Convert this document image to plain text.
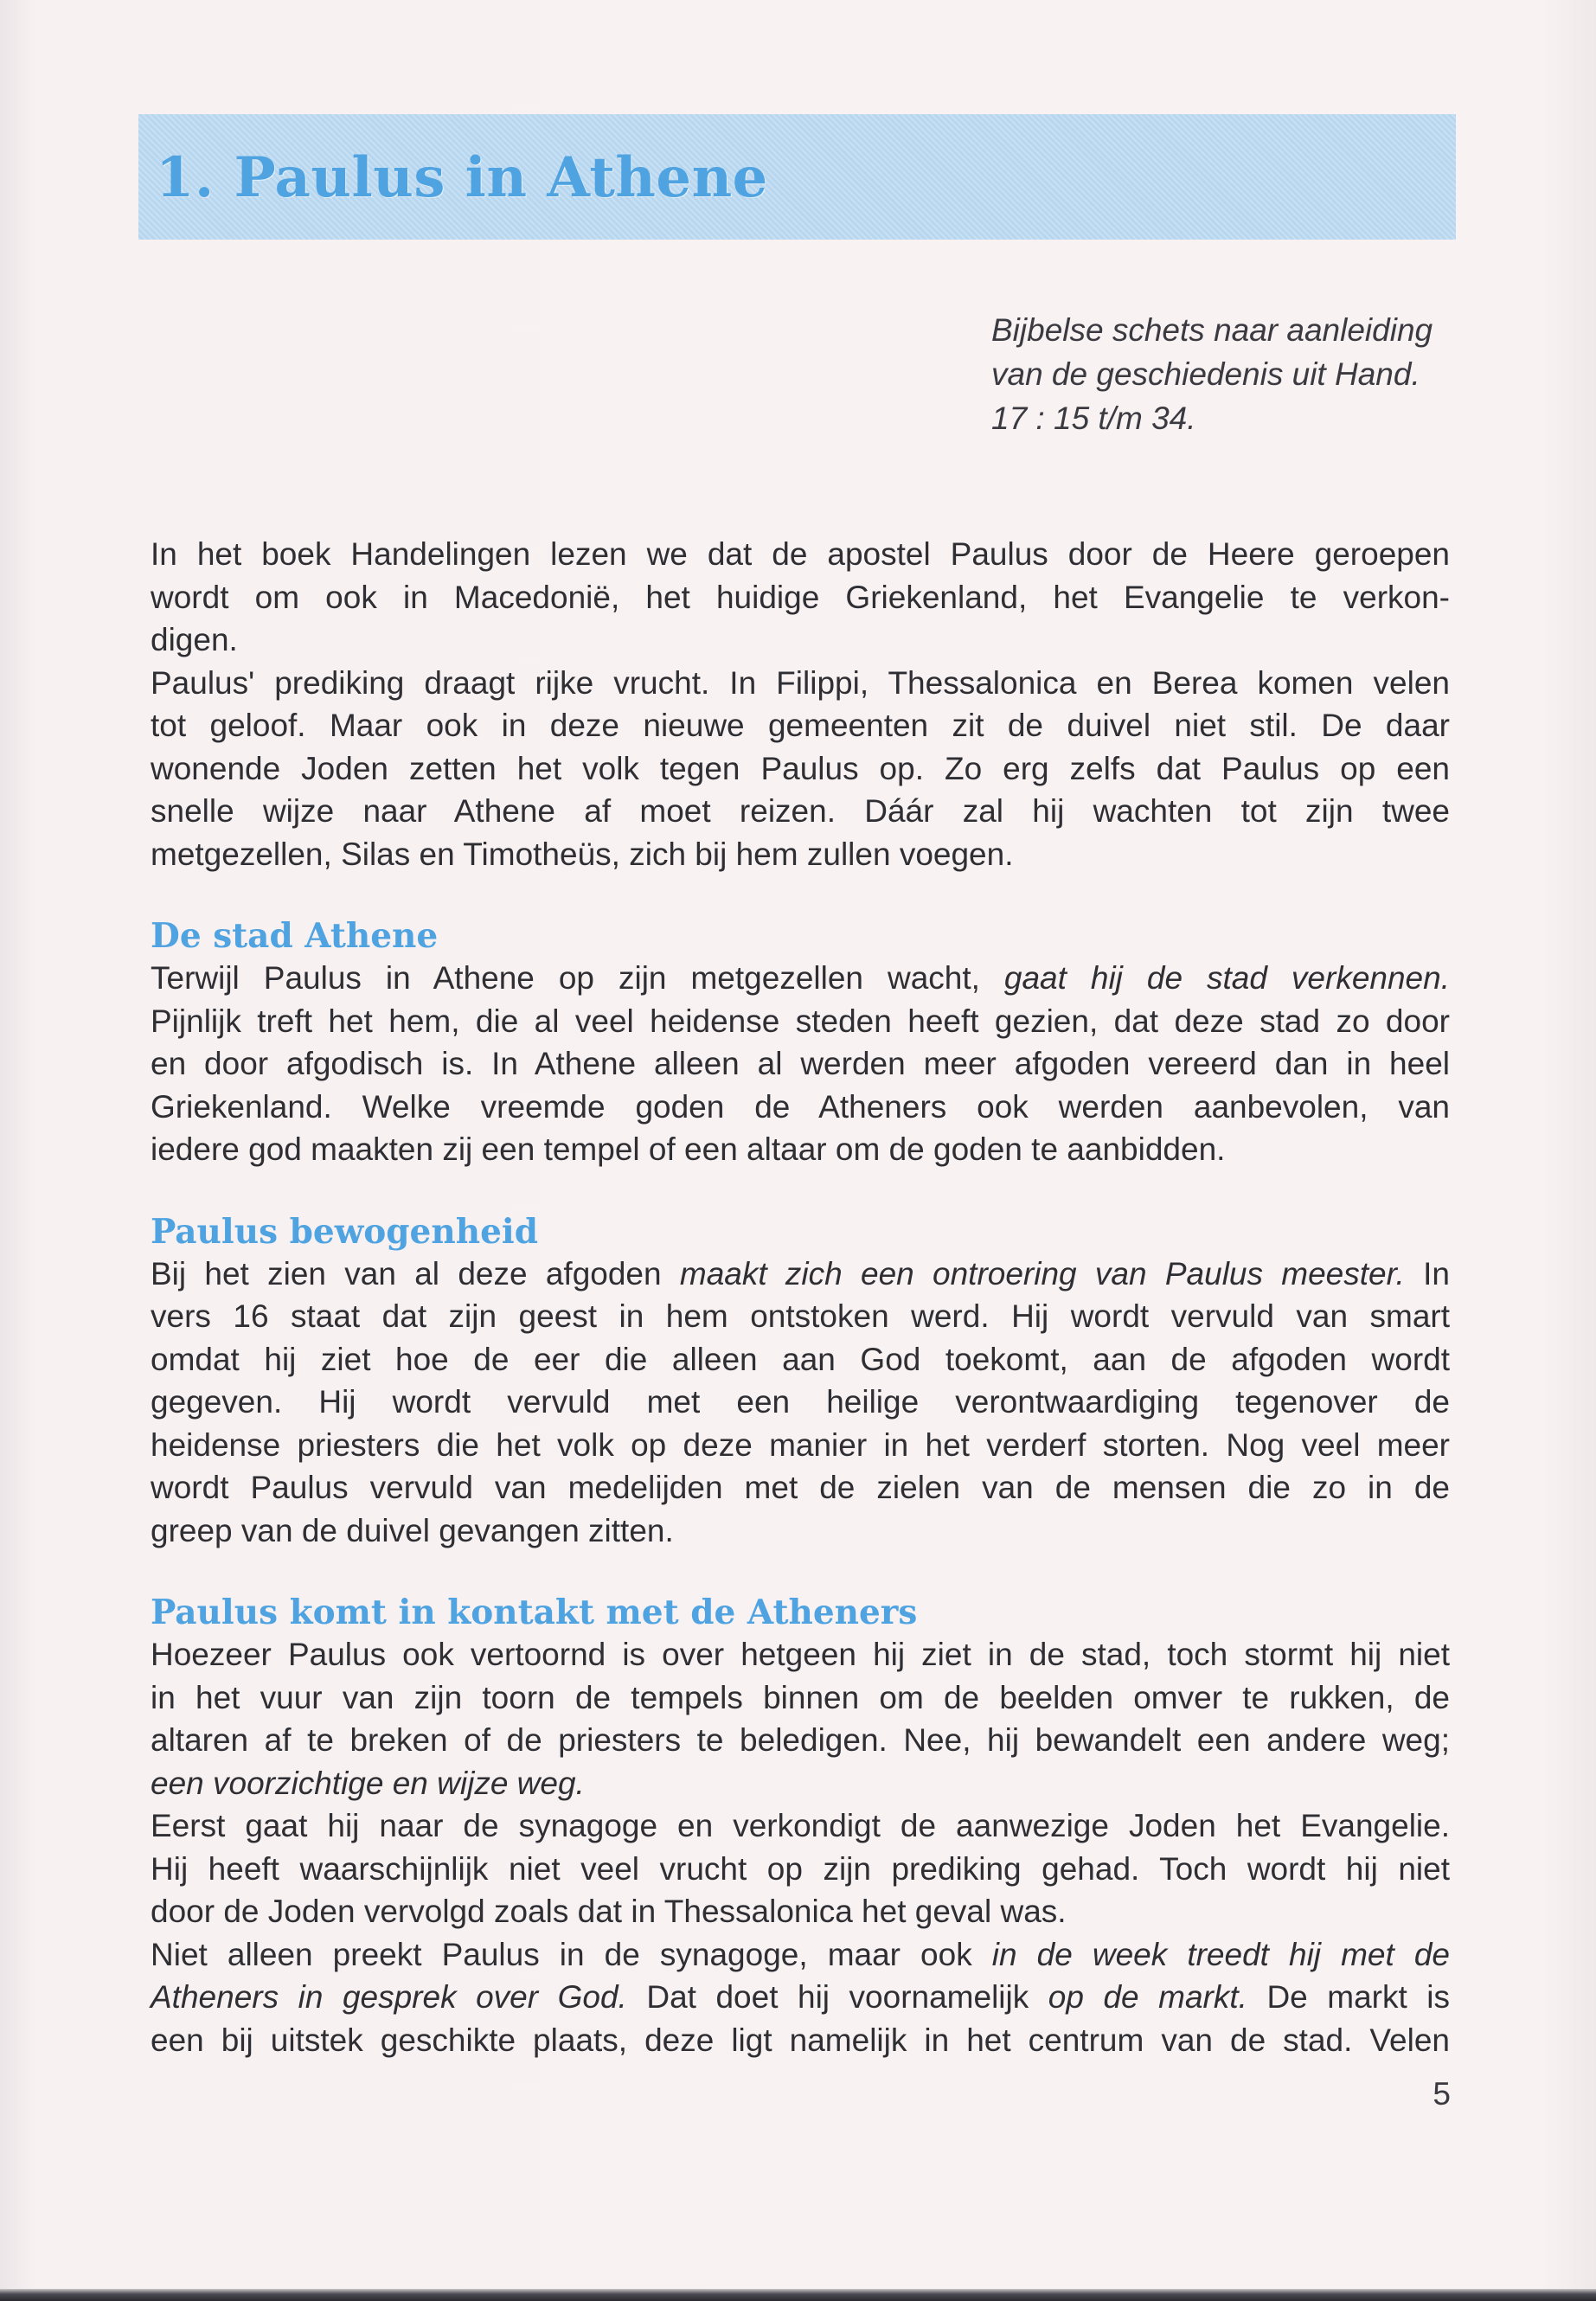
1. Paulus in Athene
Bijbelse schets naar aanleiding
van de geschiedenis uit Hand.
17 : 15 t/m 34.
In het boek Handelingen lezen we dat de apostel Paulus door de Heere geroepen
wordt om ook in Macedonië, het huidige Griekenland, het Evangelie te verkon-
digen.
Paulus' prediking draagt rijke vrucht. In Filippi, Thessalonica en Berea komen velen
tot geloof. Maar ook in deze nieuwe gemeenten zit de duivel niet stil. De daar
wonende Joden zetten het volk tegen Paulus op. Zo erg zelfs dat Paulus op een
snelle wijze naar Athene af moet reizen. Dáár zal hij wachten tot zijn twee
metgezellen, Silas en Timotheüs, zich bij hem zullen voegen.
De stad Athene
Terwijl Paulus in Athene op zijn metgezellen wacht, gaat hij de stad verkennen.
Pijnlijk treft het hem, die al veel heidense steden heeft gezien, dat deze stad zo door
en door afgodisch is. In Athene alleen al werden meer afgoden vereerd dan in heel
Griekenland. Welke vreemde goden de Atheners ook werden aanbevolen, van
iedere god maakten zij een tempel of een altaar om de goden te aanbidden.
Paulus bewogenheid
Bij het zien van al deze afgoden maakt zich een ontroering van Paulus meester. In
vers 16 staat dat zijn geest in hem ontstoken werd. Hij wordt vervuld van smart
omdat hij ziet hoe de eer die alleen aan God toekomt, aan de afgoden wordt
gegeven. Hij wordt vervuld met een heilige verontwaardiging tegenover de
heidense priesters die het volk op deze manier in het verderf storten. Nog veel meer
wordt Paulus vervuld van medelijden met de zielen van de mensen die zo in de
greep van de duivel gevangen zitten.
Paulus komt in kontakt met de Atheners
Hoezeer Paulus ook vertoornd is over hetgeen hij ziet in de stad, toch stormt hij niet
in het vuur van zijn toorn de tempels binnen om de beelden omver te rukken, de
altaren af te breken of de priesters te beledigen. Nee, hij bewandelt een andere weg;
een voorzichtige en wijze weg.
Eerst gaat hij naar de synagoge en verkondigt de aanwezige Joden het Evangelie.
Hij heeft waarschijnlijk niet veel vrucht op zijn prediking gehad. Toch wordt hij niet
door de Joden vervolgd zoals dat in Thessalonica het geval was.
Niet alleen preekt Paulus in de synagoge, maar ook in de week treedt hij met de
Atheners in gesprek over God. Dat doet hij voornamelijk op de markt. De markt is
een bij uitstek geschikte plaats, deze ligt namelijk in het centrum van de stad. Velen
5
